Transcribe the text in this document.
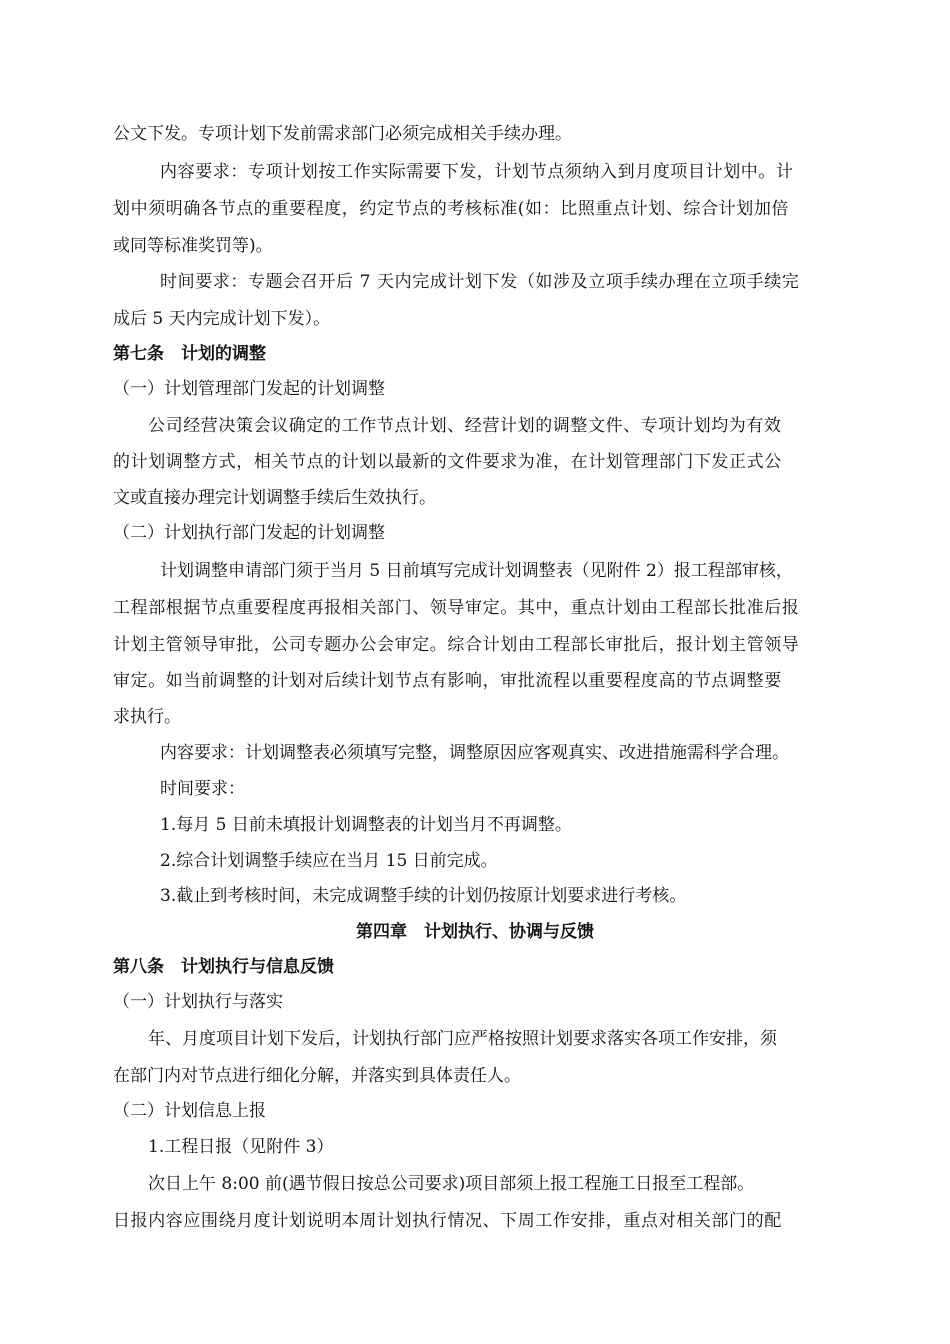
公文下发。专项计划下发前需求部门必须完成相关手续办理。
内容要求：专项计划按工作实际需要下发，计划节点须纳入到月度项目计划中。计
划中须明确各节点的重要程度，约定节点的考核标准(如：比照重点计划、综合计划加倍
或同等标准奖罚等)。
时间要求：专题会召开后 7 天内完成计划下发（如涉及立项手续办理在立项手续完
成后 5 天内完成计划下发）。
第七条　计划的调整
（一）计划管理部门发起的计划调整
公司经营决策会议确定的工作节点计划、经营计划的调整文件、专项计划均为有效
的计划调整方式，相关节点的计划以最新的文件要求为准，在计划管理部门下发正式公
文或直接办理完计划调整手续后生效执行。
（二）计划执行部门发起的计划调整
计划调整申请部门须于当月 5 日前填写完成计划调整表（见附件 2）报工程部审核，
工程部根据节点重要程度再报相关部门、领导审定。其中，重点计划由工程部长批准后报
计划主管领导审批，公司专题办公会审定。综合计划由工程部长审批后，报计划主管领导
审定。如当前调整的计划对后续计划节点有影响，审批流程以重要程度高的节点调整要
求执行。
内容要求：计划调整表必须填写完整，调整原因应客观真实、改进措施需科学合理。
时间要求：
1.每月 5 日前未填报计划调整表的计划当月不再调整。
2.综合计划调整手续应在当月 15 日前完成。
3.截止到考核时间，未完成调整手续的计划仍按原计划要求进行考核。
第四章　计划执行、协调与反馈
第八条　计划执行与信息反馈
（一）计划执行与落实
年、月度项目计划下发后，计划执行部门应严格按照计划要求落实各项工作安排，须
在部门内对节点进行细化分解，并落实到具体责任人。
（二）计划信息上报
1.工程日报（见附件 3）
次日上午 8:00 前(遇节假日按总公司要求)项目部须上报工程施工日报至工程部。
日报内容应围绕月度计划说明本周计划执行情况、下周工作安排，重点对相关部门的配
